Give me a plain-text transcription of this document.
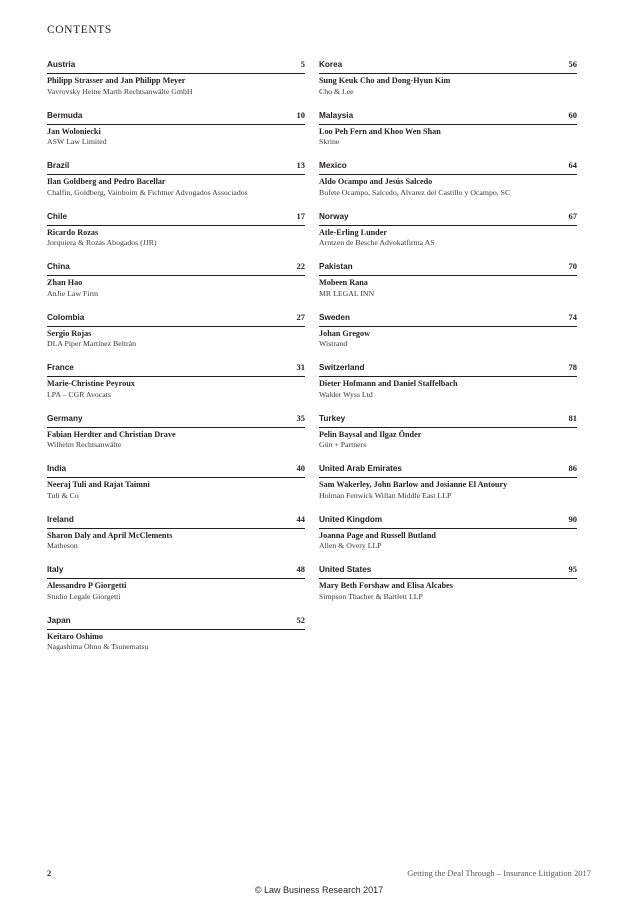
CONTENTS
Austria	5
Philipp Strasser and Jan Philipp Meyer
Vavrovsky Heine Marth Rechtsanwälte GmbH
Bermuda	10
Jan Woloniecki
ASW Law Limited
Brazil	13
Ilan Goldberg and Pedro Bacellar
Chalfin, Goldberg, Vainboim & Fichtner Advogados Associados
Chile	17
Ricardo Rozas
Jorquiera & Rozas Abogados (JJR)
China	22
Zhan Hao
AnJie Law Firm
Colombia	27
Sergio Rojas
DLA Piper Martínez Beltrán
France	31
Marie-Christine Peyroux
LPA – CGR Avocats
Germany	35
Fabian Herdter and Christian Drave
Wilhelm Rechtsanwälte
India	40
Neeraj Tuli and Rajat Taimni
Tuli & Co
Ireland	44
Sharon Daly and April McClements
Matheson
Italy	48
Alessandro P Giorgetti
Studio Legale Giorgetti
Japan	52
Keitaro Oshimo
Nagashima Ohno & Tsunematsu
Korea	56
Sung Keuk Cho and Dong-Hyun Kim
Cho & Lee
Malaysia	60
Loo Peh Fern and Khoo Wen Shan
Skrine
Mexico	64
Aldo Ocampo and Jesús Salcedo
Bufete Ocampo, Salcedo, Alvarez del Castillo y Ocampo, SC
Norway	67
Atle-Erling Lunder
Arntzen de Besche Advokatfirma AS
Pakistan	70
Mobeen Rana
MR LEGAL INN
Sweden	74
Johan Gregow
Wistrand
Switzerland	78
Dieter Hofmann and Daniel Staffelbach
Walder Wyss Ltd
Turkey	81
Pelin Baysal and Ilgaz Önder
Gün + Partners
United Arab Emirates	86
Sam Wakerley, John Barlow and Josianne El Antoury
Holman Fenwick Willan Middle East LLP
United Kingdom	90
Joanna Page and Russell Butland
Allen & Overy LLP
United States	95
Mary Beth Forshaw and Elisa Alcabes
Simpson Thacher & Bartlett LLP
2	Getting the Deal Through – Insurance Litigation 2017
© Law Business Research 2017
